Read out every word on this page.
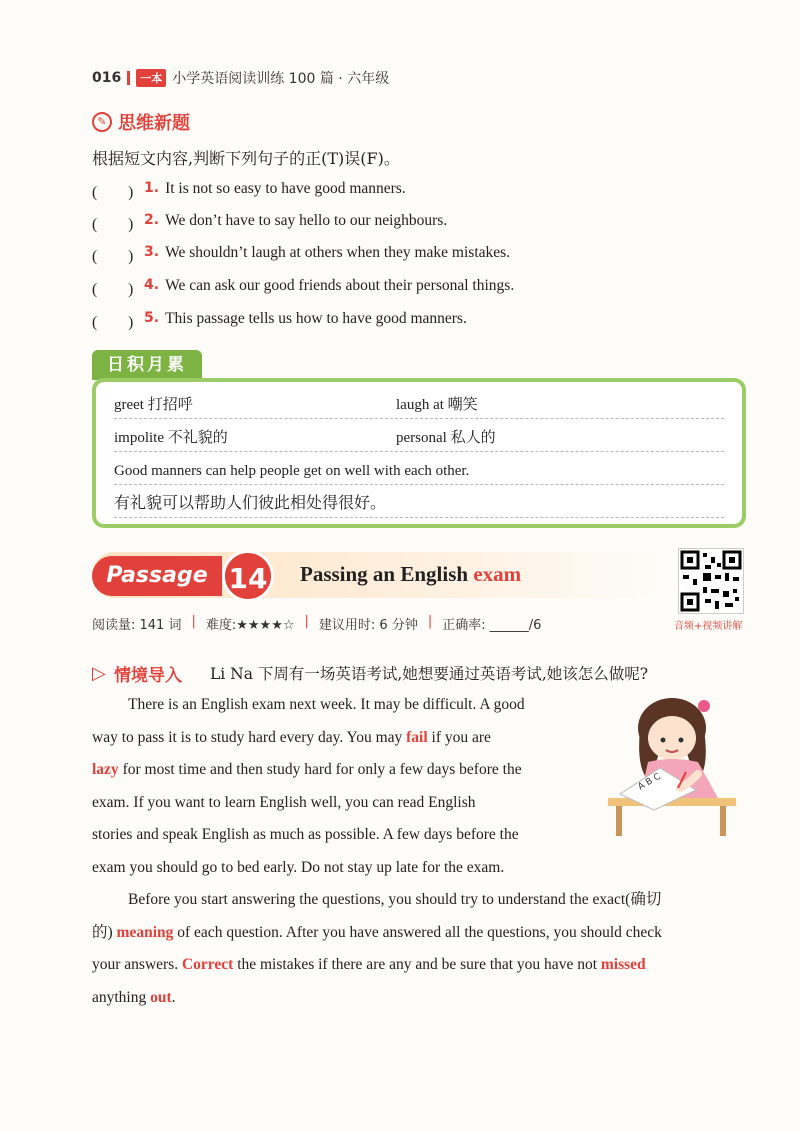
016	一本 小学英语阅读训练 100 篇 · 六年级
✎ 思维新题
根据短文内容,判断下列句子的正(T)误(F)。
(　　) 1. It is not so easy to have good manners.
(　　) 2. We don’t have to say hello to our neighbours.
(　　) 3. We shouldn’t laugh at others when they make mistakes.
(　　) 4. We can ask our good friends about their personal things.
(　　) 5. This passage tells us how to have good manners.
日积月累
greet 打招呼	laugh at 嘲笑
impolite 不礼貌的	personal 私人的
Good manners can help people get on well with each other.
有礼貌可以帮助人们彼此相处得很好。
Passage 14	Passing an English exam
音频+视频讲解
阅读量: 141 词 | 难度:★★★★☆ | 建议用时: 6 分钟 | 正确率: ______/6
▷ 情境导入 Li Na 下周有一场英语考试,她想要通过英语考试,她该怎么做呢?
There is an English exam next week. It may be difficult. A good
way to pass it is to study hard every day. You may fail if you are
lazy for most time and then study hard for only a few days before the
exam. If you want to learn English well, you can read English
stories and speak English as much as possible. A few days before the
exam you should go to bed early. Do not stay up late for the exam.
A B C
Before you start answering the questions, you should try to understand the exact(确切
的) meaning of each question. After you have answered all the questions, you should check
your answers. Correct the mistakes if there are any and be sure that you have not missed
anything out.
